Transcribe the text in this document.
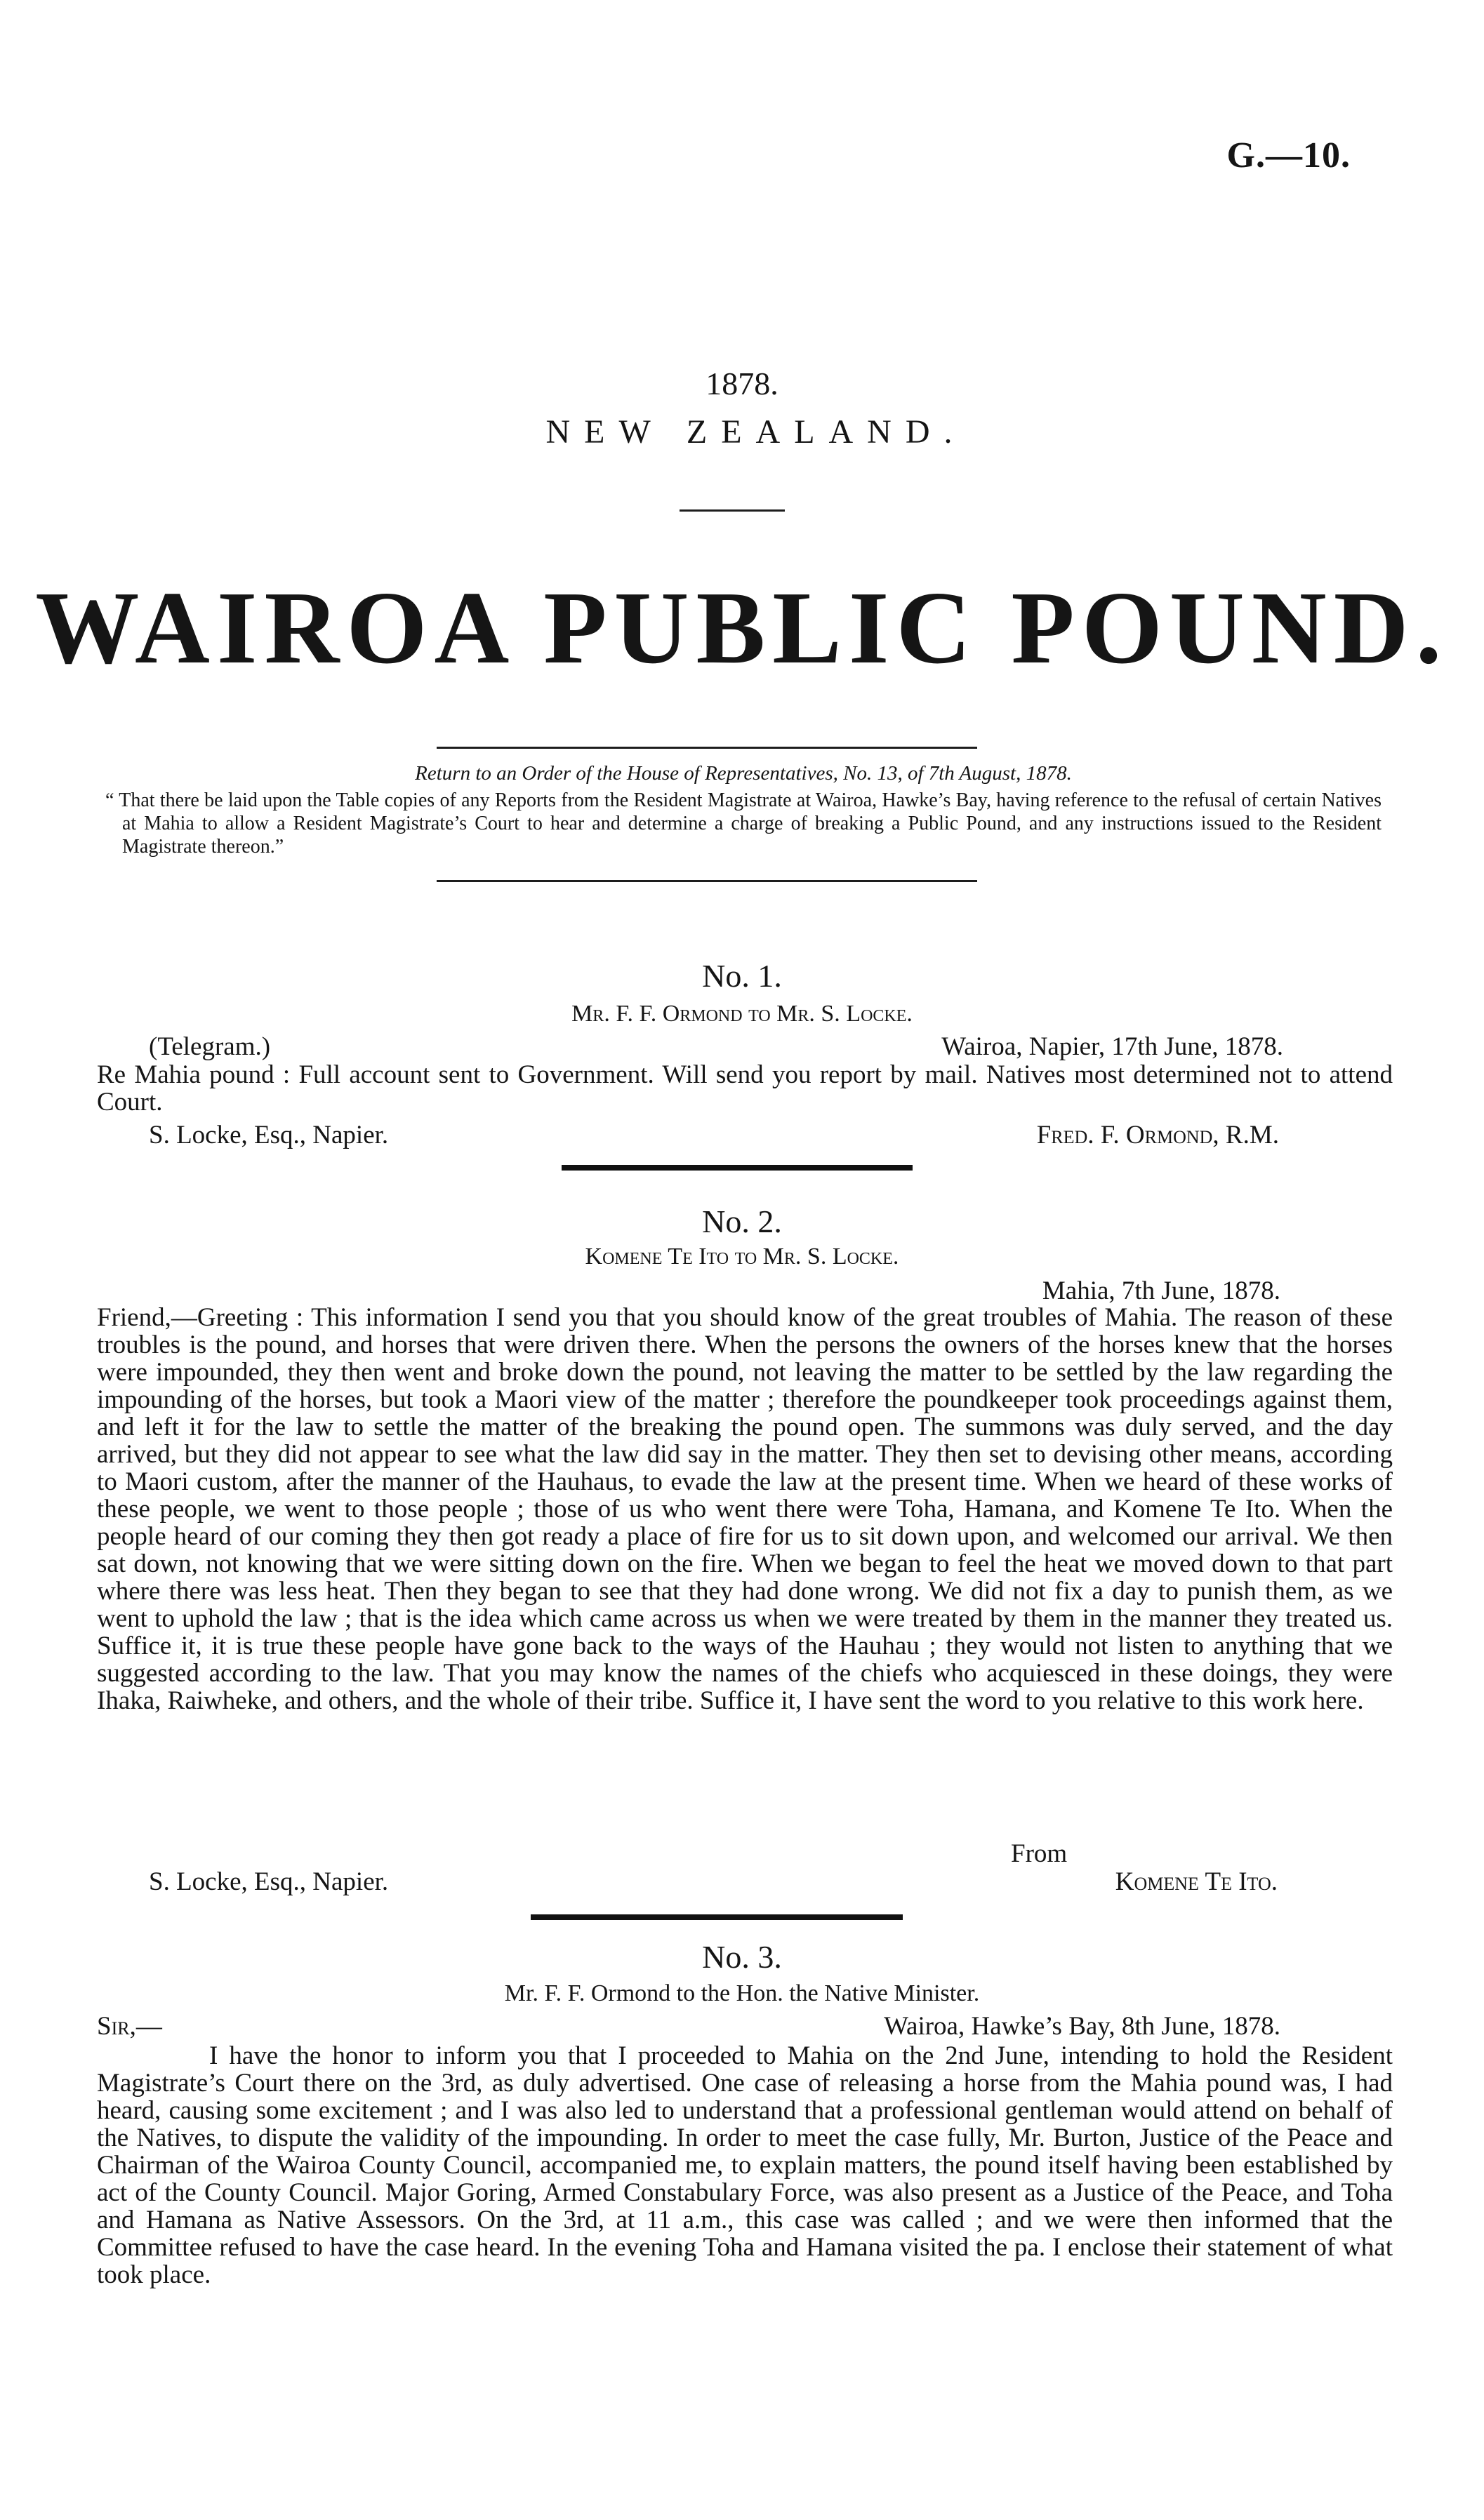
G.—10.
1878.
NEW ZEALAND.
WAIROA PUBLIC POUND.
Return to an Order of the House of Representatives, No. 13, of 7th August, 1878.
“ That there be laid upon the Table copies of any Reports from the Resident Magistrate at Wairoa, Hawke’s Bay, having reference to the refusal of certain Natives at Mahia to allow a Resident Magistrate’s Court to hear and determine a charge of breaking a Public Pound, and any instructions issued to the Resident Magistrate thereon.”
No. 1.
Mr. F. F. Ormond to Mr. S. Locke.
(Telegram.)	Wairoa, Napier, 17th June, 1878.

Re Mahia pound : Full account sent to Government. Will send you report by mail. Natives most determined not to attend Court.

S. Locke, Esq., Napier.	Fred. F. Ormond, R.M.
No. 2.
Komene Te Ito to Mr. S. Locke.
Mahia, 7th June, 1878.

Friend,—Greeting : This information I send you that you should know of the great troubles of Mahia. The reason of these troubles is the pound, and horses that were driven there. When the persons the owners of the horses knew that the horses were impounded, they then went and broke down the pound, not leaving the matter to be settled by the law regarding the impounding of the horses, but took a Maori view of the matter ; therefore the poundkeeper took proceedings against them, and left it for the law to settle the matter of the breaking the pound open. The summons was duly served, and the day arrived, but they did not appear to see what the law did say in the matter. They then set to devising other means, according to Maori custom, after the manner of the Hauhaus, to evade the law at the present time. When we heard of these works of these people, we went to those people ; those of us who went there were Toha, Hamana, and Komene Te Ito. When the people heard of our coming they then got ready a place of fire for us to sit down upon, and welcomed our arrival. We then sat down, not knowing that we were sitting down on the fire. When we began to feel the heat we moved down to that part where there was less heat. Then they began to see that they had done wrong. We did not fix a day to punish them, as we went to uphold the law ; that is the idea which came across us when we were treated by them in the manner they treated us. Suffice it, it is true these people have gone back to the ways of the Hauhau ; they would not listen to anything that we suggested according to the law. That you may know the names of the chiefs who acquiesced in these doings, they were Ihaka, Raiwheke, and others, and the whole of their tribe. Suffice it, I have sent the word to you relative to this work here.

From
S. Locke, Esq., Napier.	Komene Te Ito.
No. 3.
Mr. F. F. Ormond to the Hon. the Native Minister.
Sir,—	Wairoa, Hawke’s Bay, 8th June, 1878.

I have the honor to inform you that I proceeded to Mahia on the 2nd June, intending to hold the Resident Magistrate’s Court there on the 3rd, as duly advertised. One case of releasing a horse from the Mahia pound was, I had heard, causing some excitement ; and I was also led to understand that a professional gentleman would attend on behalf of the Natives, to dispute the validity of the impounding. In order to meet the case fully, Mr. Burton, Justice of the Peace and Chairman of the Wairoa County Council, accompanied me, to explain matters, the pound itself having been established by act of the County Council. Major Goring, Armed Constabulary Force, was also present as a Justice of the Peace, and Toha and Hamana as Native Assessors. On the 3rd, at 11 a.m., this case was called ; and we were then informed that the Committee refused to have the case heard. In the evening Toha and Hamana visited the pa. I enclose their statement of what took place.
